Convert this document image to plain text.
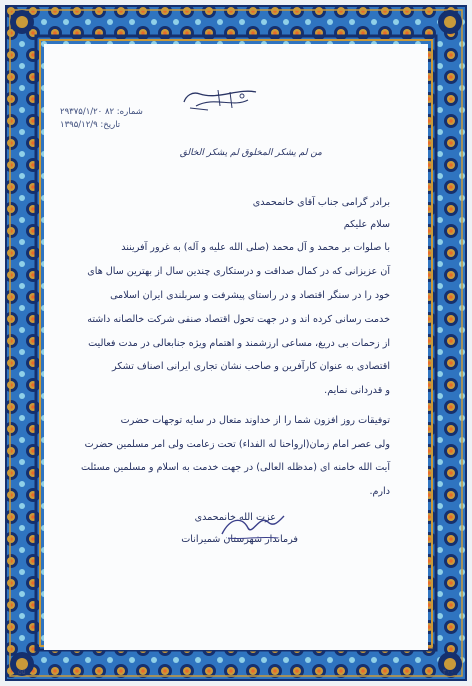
من لم یشکر المخلوق لم یشکر الخالق
شماره: ۸۲ ۲۹۳۷۵/۱/۲۰
تاریخ: ۱۳۹۵/۱۲/۹
برادر گرامی جناب آقای خانمحمدی
سلام علیکم
با صلوات بر محمد و آل محمد (صلی الله علیه و آله) به غرور آفرینند
آن عزیزانی که در کمال صداقت و درستکاری چندین سال از بهترین سال های
خود را در سنگر اقتصاد و در راستای پیشرفت و سربلندی ایران اسلامی
خدمت رسانی کرده اند و در جهت تحول اقتصاد صنفی شرکت خالصانه داشته
از زحمات بی دریغ، مساعی ارزشمند و اهتمام ویژه جنابعالی در مدت فعالیت
اقتصادی به عنوان کارآفرین و صاحب نشان تجاری ایرانی اصناف تشکر
و قدردانی نمایم.
توفیقات روز افزون شما را از خداوند متعال در سایه توجهات حضرت
ولی عصر امام زمان(ارواحنا له الفداء) تحت زعامت ولی امر مسلمین حضرت
آیت الله خامنه ای (مدظله العالی) در جهت خدمت به اسلام و مسلمین مسئلت
دارم.
عزت الله خانمحمدی
فرماندار شهرستان شمیرانات
۴۰۰
۵۵
